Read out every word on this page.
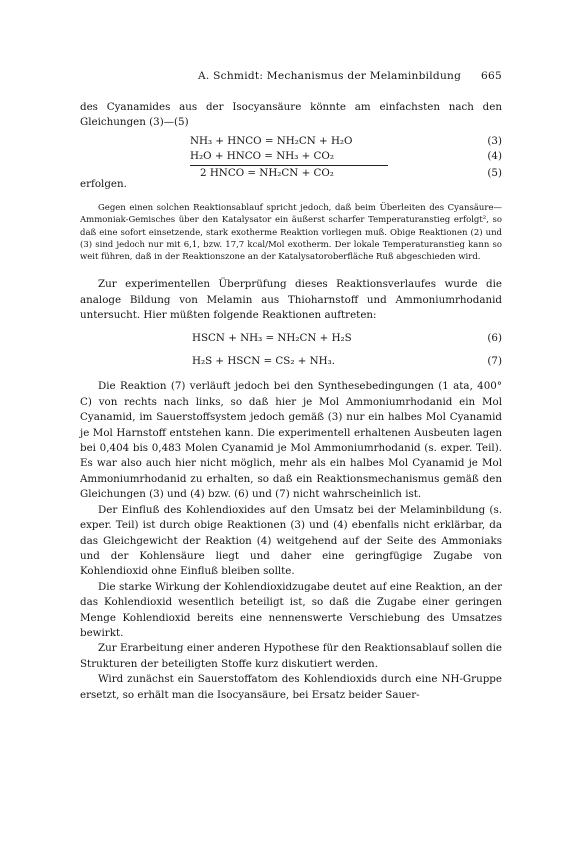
A. Schmidt: Mechanismus der Melaminbildung 665

des Cyanamides aus der Isocyansäure könnte am einfachsten nach den Gleichungen (3)—(5)

NH₃ + HNCO = NH₂CN + H₂O	(3)
H₂O + HNCO = NH₃ + CO₂	(4)
2 HNCO = NH₂CN + CO₂	(5)

erfolgen.

Gegen einen solchen Reaktionsablauf spricht jedoch, daß beim Überleiten des Cyansäure—Ammoniak-Gemisches über den Katalysator ein äußerst scharfer Temperaturanstieg erfolgt², so daß eine sofort einsetzende, stark exotherme Reaktion vorliegen muß. Obige Reaktionen (2) und (3) sind jedoch nur mit 6,1, bzw. 17,7 kcal/Mol exotherm. Der lokale Temperaturanstieg kann so weit führen, daß in der Reaktionszone an der Katalysatoroberfläche Ruß abgeschieden wird.

Zur experimentellen Überprüfung dieses Reaktionsverlaufes wurde die analoge Bildung von Melamin aus Thioharnstoff und Ammoniumrhodanid untersucht. Hier müßten folgende Reaktionen auftreten:

HSCN + NH₃ = NH₂CN + H₂S	(6)
H₂S + HSCN = CS₂ + NH₃.	(7)

Die Reaktion (7) verläuft jedoch bei den Synthesebedingungen (1 ata, 400° C) von rechts nach links, so daß hier je Mol Ammoniumrhodanid ein Mol Cyanamid, im Sauerstoffsystem jedoch gemäß (3) nur ein halbes Mol Cyanamid je Mol Harnstoff entstehen kann. Die experimentell erhaltenen Ausbeuten lagen bei 0,404 bis 0,483 Molen Cyanamid je Mol Ammoniumrhodanid (s. exper. Teil). Es war also auch hier nicht möglich, mehr als ein halbes Mol Cyanamid je Mol Ammoniumrhodanid zu erhalten, so daß ein Reaktionsmechanismus gemäß den Gleichungen (3) und (4) bzw. (6) und (7) nicht wahrscheinlich ist.

Der Einfluß des Kohlendioxides auf den Umsatz bei der Melaminbildung (s. exper. Teil) ist durch obige Reaktionen (3) und (4) ebenfalls nicht erklärbar, da das Gleichgewicht der Reaktion (4) weitgehend auf der Seite des Ammoniaks und der Kohlensäure liegt und daher eine geringfügige Zugabe von Kohlendioxid ohne Einfluß bleiben sollte.

Die starke Wirkung der Kohlendioxidzugabe deutet auf eine Reaktion, an der das Kohlendioxid wesentlich beteiligt ist, so daß die Zugabe einer geringen Menge Kohlendioxid bereits eine nennenswerte Verschiebung des Umsatzes bewirkt.

Zur Erarbeitung einer anderen Hypothese für den Reaktionsablauf sollen die Strukturen der beteiligten Stoffe kurz diskutiert werden.

Wird zunächst ein Sauerstoffatom des Kohlendioxids durch eine NH-Gruppe ersetzt, so erhält man die Isocyansäure, bei Ersatz beider Sauer-
